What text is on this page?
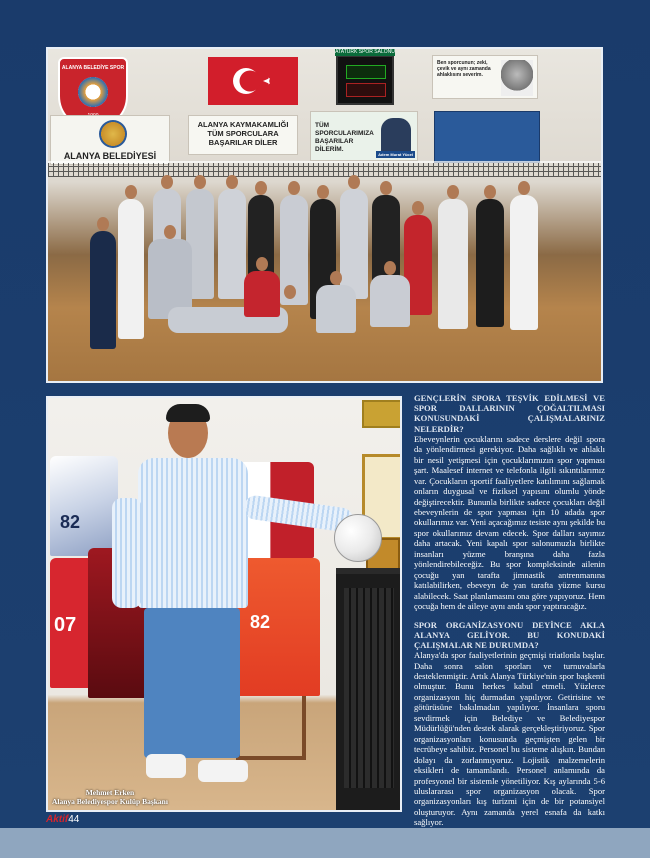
ATATÜRK SPOR SALONU
Ben sporcunun; zeki, çevik ve aynı zamanda ahlaklısını severim.
ALANYA BELEDİYE SPOR
ALANYA BELEDİYESİ
ALANYA KAYMAKAMLIĞI TÜM SPORCULARA BAŞARILAR DİLER
TÜM SPORCULARIMIZA BAŞARILAR DİLERİM.
Adem Murat Yücel
82
07	82
Mehmet Erken
Alanya Belediyespor Kulüp Başkanı
GENÇLERİN SPORA TEŞVİK EDİLMESİ VE SPOR DALLARININ ÇOĞALTILMASI KONUSUNDAKİ ÇALIŞMALARINIZ NELERDİR?

Ebeveynlerin çocuklarını sadece derslere değil spora da yönlendirmesi gerekiyor. Daha sağlıklı ve ahlaklı bir nesil yetişmesi için çocuklarımızın spor yapması şart. Maalesef internet ve telefonla ilgili sıkıntılarımız var. Çocukların sportif faaliyetlere katılımını sağlamak onların duygusal ve fiziksel yapısını olumlu yönde değiştirecektir. Bununla birlikte sadece çocukları değil ebeveynlerin de spor yapması için 10 adada spor okullarımız var. Yeni açacağımız tesiste aynı şekilde bu spor okullarımız devam edecek. Spor dalları sayımız daha artacak. Yeni kapalı spor salonumuzla birlikte insanları yüzme branşına daha fazla yönlendirebileceğiz. Bu spor kompleksinde ailenin çocuğu yan tarafta jimnastik antrenmanına katılabilirken, ebeveyn de yan tarafta yüzme kursu alabilecek. Saat planlamasını ona göre yapıyoruz. Hem çocuğa hem de aileye aynı anda spor yaptıracağız.

SPOR ORGANİZASYONU DEYİNCE AKLA ALANYA GELİYOR. BU KONUDAKİ ÇALIŞMALAR NE DURUMDA?

Alanya'da spor faaliyetlerinin geçmişi triatlonla başlar. Daha sonra salon sporları ve turnuvalarla desteklenmiştir. Artık Alanya Türkiye'nin spor başkenti olmuştur. Bunu herkes kabul etmeli. Yüzlerce organizasyon hiç durmadan yapılıyor. Getirisine ve götürüsüne bakılmadan yapılıyor. İnsanlara sporu sevdirmek için Belediye ve Belediyespor Müdürlüğü'nden destek alarak gerçekleştiriyoruz. Spor organizasyonları konusunda geçmişten gelen bir tecrübeye sahibiz. Personel bu sisteme alışkın. Bundan dolayı da zorlanmıyoruz. Lojistik malzemelerin eksikleri de tamamlandı. Personel anlamında da profesyonel bir sistemle yönetiliyor. Kış aylarında 5-6 uluslararası spor organizasyon olacak. Spor organizasyonları kış turizmi için de bir potansiyel oluşturuyor. Aynı zamanda yerel esnafa da katkı sağlıyor.

Aktif44
